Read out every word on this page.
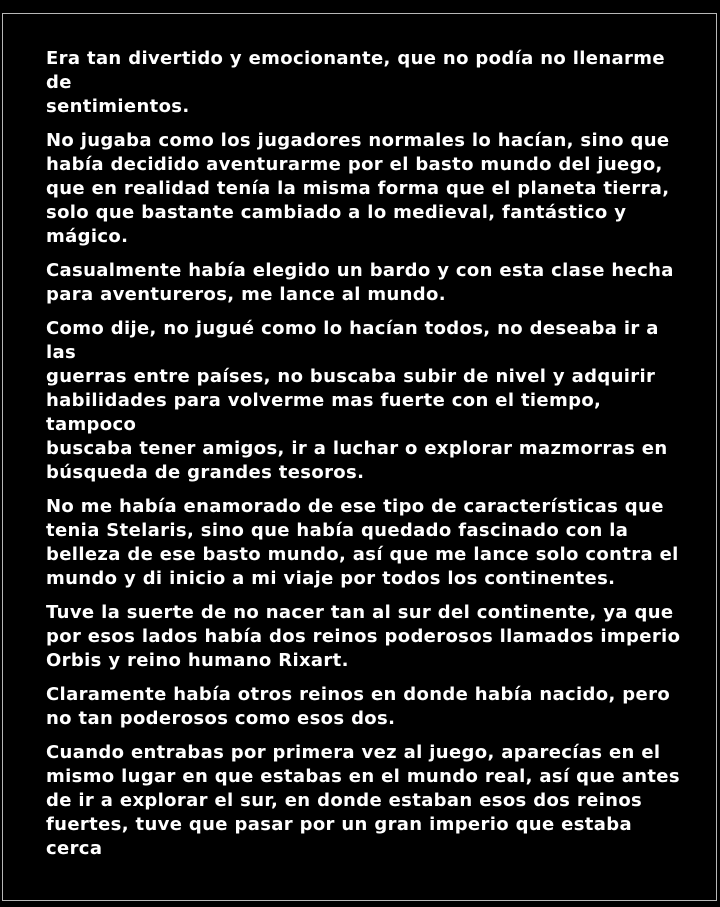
Era tan divertido y emocionante, que no podía no llenarme de
sentimientos.

No jugaba como los jugadores normales lo hacían, sino que
había decidido aventurarme por el basto mundo del juego,
que en realidad tenía la misma forma que el planeta tierra,
solo que bastante cambiado a lo medieval, fantástico y
mágico.

Casualmente había elegido un bardo y con esta clase hecha
para aventureros, me lance al mundo.

Como dije, no jugué como lo hacían todos, no deseaba ir a las
guerras entre países, no buscaba subir de nivel y adquirir
habilidades para volverme mas fuerte con el tiempo, tampoco
buscaba tener amigos, ir a luchar o explorar mazmorras en
búsqueda de grandes tesoros.

No me había enamorado de ese tipo de características que
tenia Stelaris, sino que había quedado fascinado con la
belleza de ese basto mundo, así que me lance solo contra el
mundo y di inicio a mi viaje por todos los continentes.

Tuve la suerte de no nacer tan al sur del continente, ya que
por esos lados había dos reinos poderosos llamados imperio
Orbis y reino humano Rixart.

Claramente había otros reinos en donde había nacido, pero
no tan poderosos como esos dos.

Cuando entrabas por primera vez al juego, aparecías en el
mismo lugar en que estabas en el mundo real, así que antes
de ir a explorar el sur, en donde estaban esos dos reinos
fuertes, tuve que pasar por un gran imperio que estaba cerca
